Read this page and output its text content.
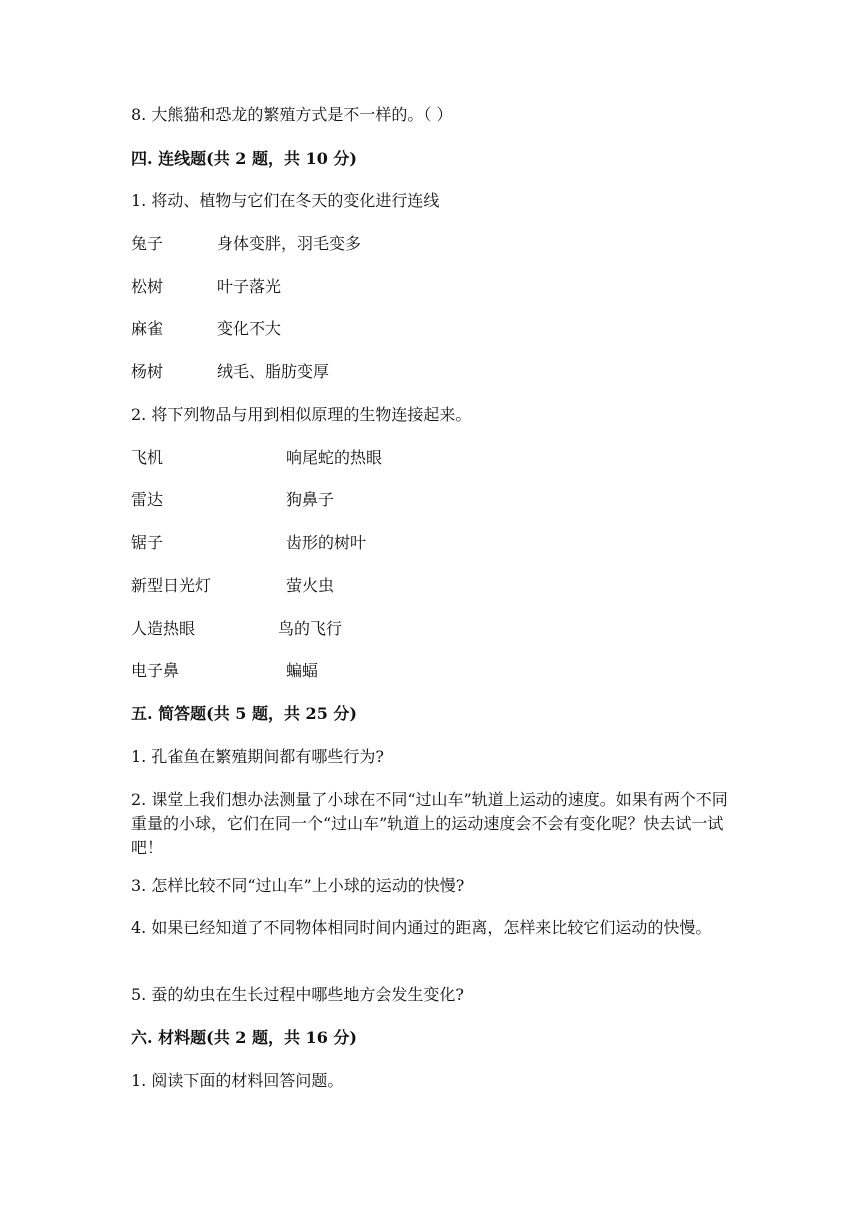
8. 大熊猫和恐龙的繁殖方式是不一样的。（ ）
四. 连线题(共 2 题，共 10 分)
1. 将动、植物与它们在冬天的变化进行连线
兔子	身体变胖，羽毛变多
松树	叶子落光
麻雀	变化不大
杨树	绒毛、脂肪变厚
2. 将下列物品与用到相似原理的生物连接起来。
飞机	响尾蛇的热眼
雷达	狗鼻子
锯子	齿形的树叶
新型日光灯	萤火虫
人造热眼	鸟的飞行
电子鼻	蝙蝠
五. 简答题(共 5 题，共 25 分)
1. 孔雀鱼在繁殖期间都有哪些行为?
2. 课堂上我们想办法测量了小球在不同“过山车”轨道上运动的速度。如果有两个不同重量的小球，它们在同一个“过山车”轨道上的运动速度会不会有变化呢？快去试一试吧！
3. 怎样比较不同“过山车”上小球的运动的快慢?
4. 如果已经知道了不同物体相同时间内通过的距离，怎样来比较它们运动的快慢。
5. 蚕的幼虫在生长过程中哪些地方会发生变化?
六. 材料题(共 2 题，共 16 分)
1. 阅读下面的材料回答问题。
